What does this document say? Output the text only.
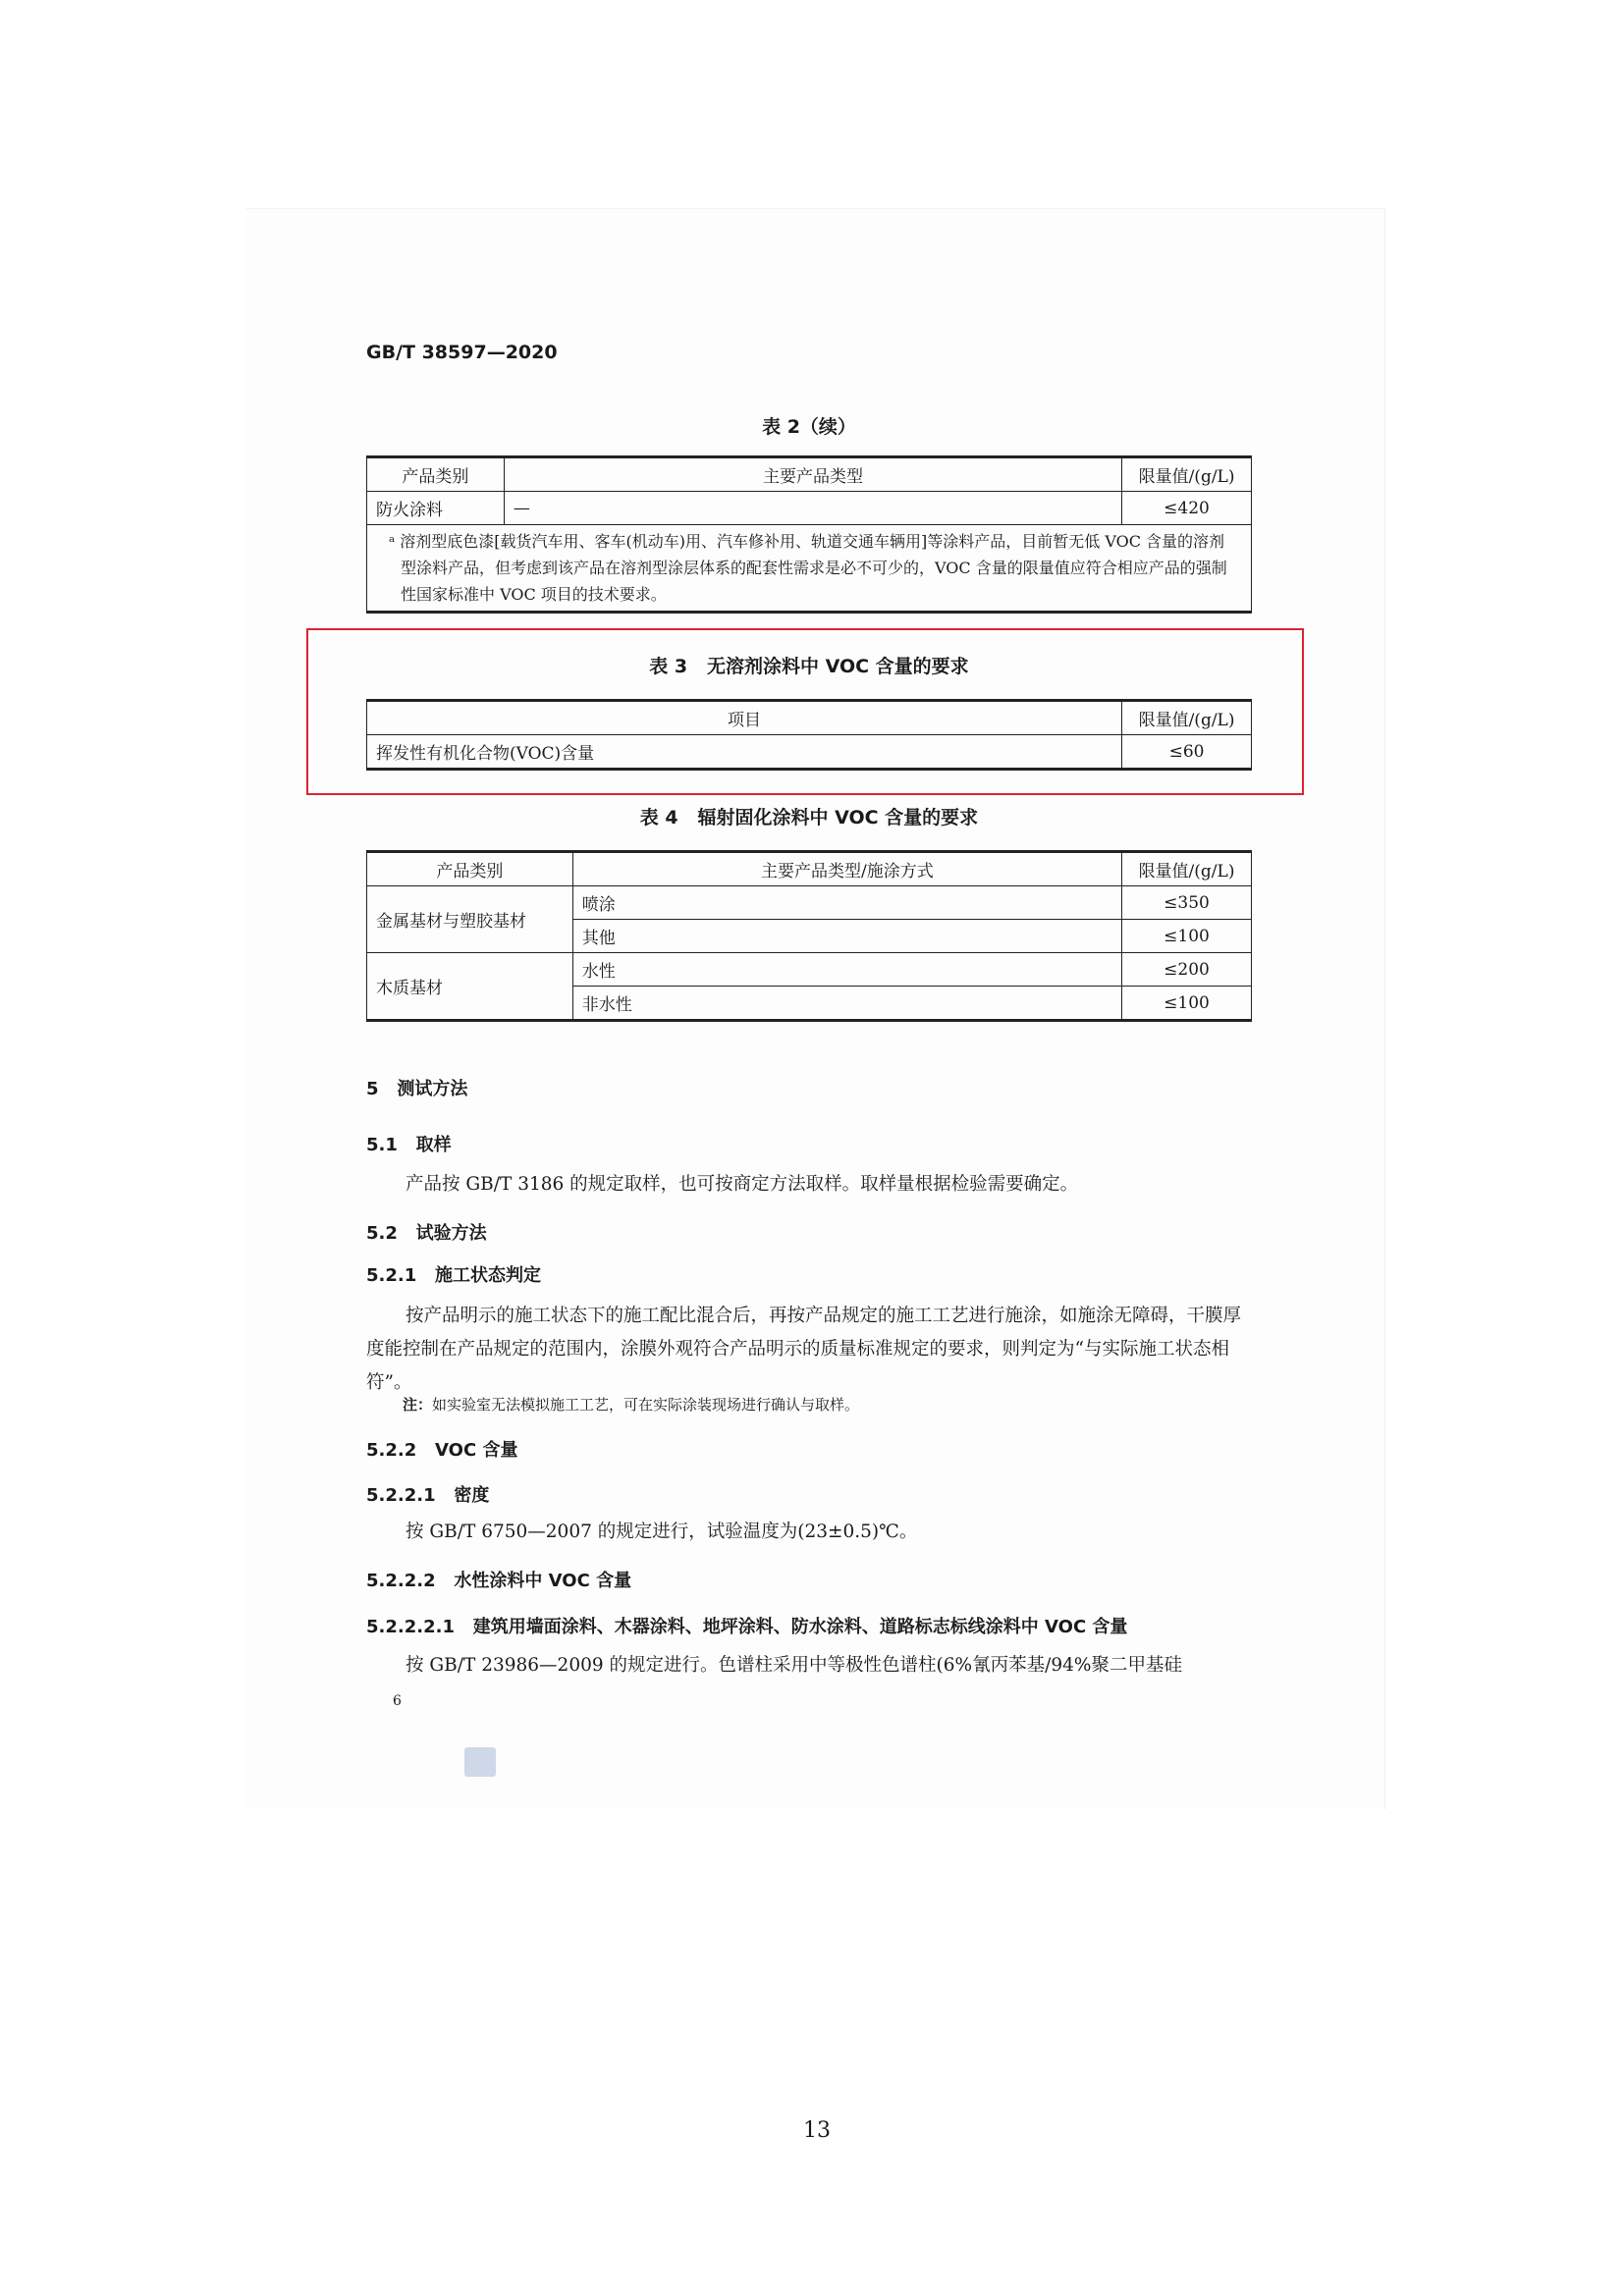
GB/T 38597—2020
表 2（续）
产品类别	主要产品类型	限量值/(g/L)
防火涂料	—	≤420
ᵃ 溶剂型底色漆[载货汽车用、客车(机动车)用、汽车修补用、轨道交通车辆用]等涂料产品，目前暂无低 VOC 含量的溶剂型涂料产品，但考虑到该产品在溶剂型涂层体系的配套性需求是必不可少的，VOC 含量的限量值应符合相应产品的强制性国家标准中 VOC 项目的技术要求。		
表 3   无溶剂涂料中 VOC 含量的要求
项目	限量值/(g/L)
挥发性有机化合物(VOC)含量	≤60
表 4   辐射固化涂料中 VOC 含量的要求
产品类别	主要产品类型/施涂方式	限量值/(g/L)
金属基材与塑胶基材	喷涂	≤350
	其他	≤100
木质基材	水性	≤200
	非水性	≤100
5   测试方法
5.1   取样
产品按 GB/T 3186 的规定取样，也可按商定方法取样。取样量根据检验需要确定。
5.2   试验方法
5.2.1   施工状态判定
按产品明示的施工状态下的施工配比混合后，再按产品规定的施工工艺进行施涂，如施涂无障碍，干膜厚度能控制在产品规定的范围内，涂膜外观符合产品明示的质量标准规定的要求，则判定为“与实际施工状态相符”。
注：如实验室无法模拟施工工艺，可在实际涂装现场进行确认与取样。
5.2.2   VOC 含量
5.2.2.1   密度
按 GB/T 6750—2007 的规定进行，试验温度为(23±0.5)℃。
5.2.2.2   水性涂料中 VOC 含量
5.2.2.2.1   建筑用墙面涂料、木器涂料、地坪涂料、防水涂料、道路标志标线涂料中 VOC 含量
按 GB/T 23986—2009 的规定进行。色谱柱采用中等极性色谱柱(6%氰丙苯基/94%聚二甲基硅
6
13
